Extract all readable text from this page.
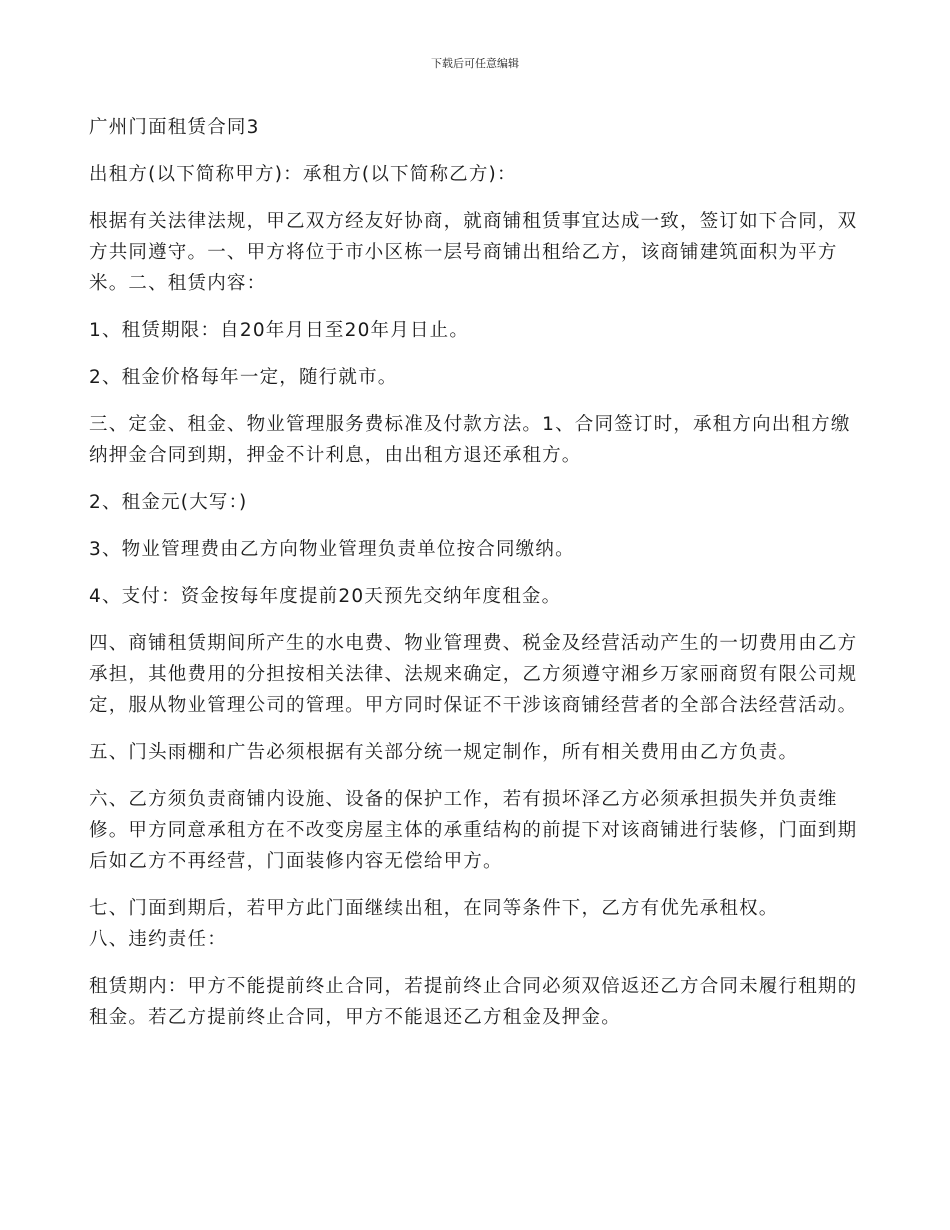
下载后可任意编辑

广州门面租赁合同3

出租方(以下简称甲方)：承租方(以下简称乙方)：

根据有关法律法规，甲乙双方经友好协商，就商铺租赁事宜达成一致，签订如下合同，双方共同遵守。一、甲方将位于市小区栋一层号商铺出租给乙方，该商铺建筑面积为平方米。二、租赁内容：

1、租赁期限：自20年月日至20年月日止。

2、租金价格每年一定，随行就市。

三、定金、租金、物业管理服务费标准及付款方法。1、合同签订时，承租方向出租方缴纳押金合同到期，押金不计利息，由出租方退还承租方。

2、租金元(大写：)

3、物业管理费由乙方向物业管理负责单位按合同缴纳。

4、支付：资金按每年度提前20天预先交纳年度租金。

四、商铺租赁期间所产生的水电费、物业管理费、税金及经营活动产生的一切费用由乙方承担，其他费用的分担按相关法律、法规来确定，乙方须遵守湘乡万家丽商贸有限公司规定，服从物业管理公司的管理。甲方同时保证不干涉该商铺经营者的全部合法经营活动。

五、门头雨棚和广告必须根据有关部分统一规定制作，所有相关费用由乙方负责。

六、乙方须负责商铺内设施、设备的保护工作，若有损坏泽乙方必须承担损失并负责维修。甲方同意承租方在不改变房屋主体的承重结构的前提下对该商铺进行装修，门面到期后如乙方不再经营，门面装修内容无偿给甲方。

七、门面到期后，若甲方此门面继续出租，在同等条件下，乙方有优先承租权。

八、违约责任：

租赁期内：甲方不能提前终止合同，若提前终止合同必须双倍返还乙方合同未履行租期的租金。若乙方提前终止合同，甲方不能退还乙方租金及押金。
